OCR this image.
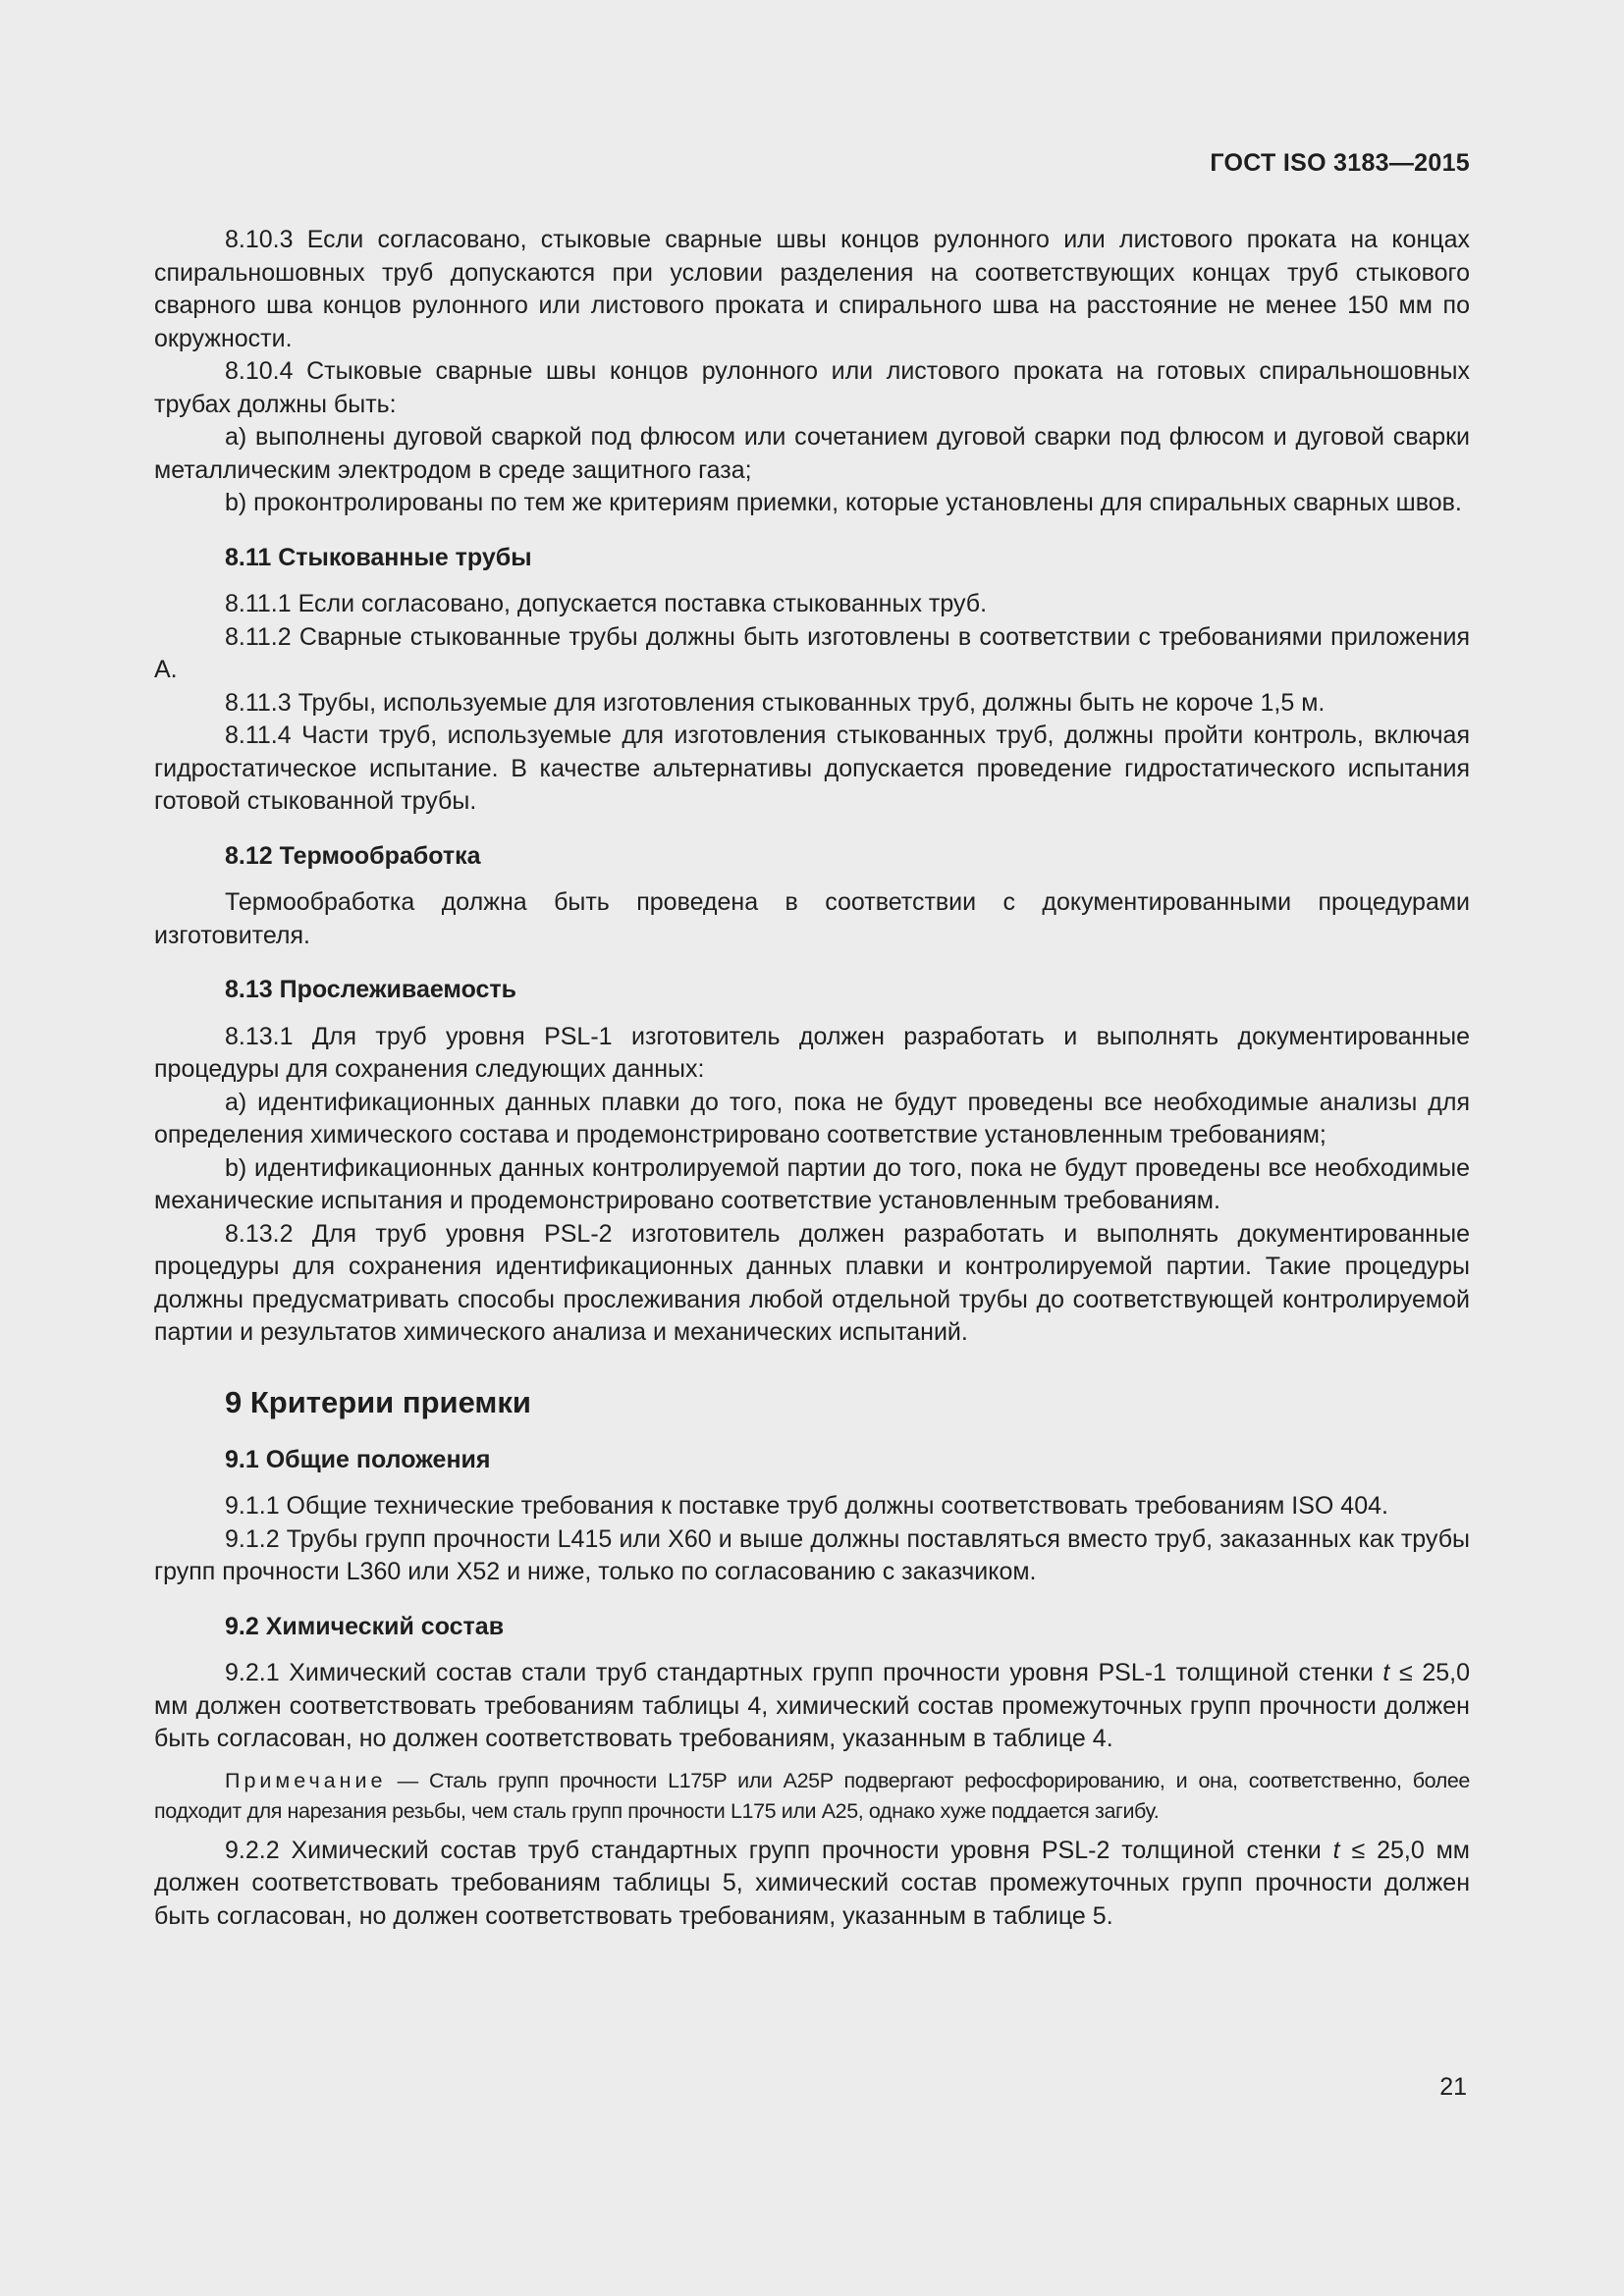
ГОСТ ISO 3183—2015

8.10.3 Если согласовано, стыковые сварные швы концов рулонного или листового проката на концах спиральношовных труб допускаются при условии разделения на соответствующих концах труб стыкового сварного шва концов рулонного или листового проката и спирального шва на расстояние не менее 150 мм по окружности.

8.10.4 Стыковые сварные швы концов рулонного или листового проката на готовых спиральношовных трубах должны быть:

a) выполнены дуговой сваркой под флюсом или сочетанием дуговой сварки под флюсом и дуговой сварки металлическим электродом в среде защитного газа;

b) проконтролированы по тем же критериям приемки, которые установлены для спиральных сварных швов.

8.11 Стыкованные трубы

8.11.1 Если согласовано, допускается поставка стыкованных труб.

8.11.2 Сварные стыкованные трубы должны быть изготовлены в соответствии с требованиями приложения А.

8.11.3 Трубы, используемые для изготовления стыкованных труб, должны быть не короче 1,5 м.

8.11.4 Части труб, используемые для изготовления стыкованных труб, должны пройти контроль, включая гидростатическое испытание. В качестве альтернативы допускается проведение гидростатического испытания готовой стыкованной трубы.

8.12 Термообработка

Термообработка должна быть проведена в соответствии с документированными процедурами изготовителя.

8.13 Прослеживаемость

8.13.1 Для труб уровня PSL-1 изготовитель должен разработать и выполнять документированные процедуры для сохранения следующих данных:

a) идентификационных данных плавки до того, пока не будут проведены все необходимые анализы для определения химического состава и продемонстрировано соответствие установленным требованиям;

b) идентификационных данных контролируемой партии до того, пока не будут проведены все необходимые механические испытания и продемонстрировано соответствие установленным требованиям.

8.13.2 Для труб уровня PSL-2 изготовитель должен разработать и выполнять документированные процедуры для сохранения идентификационных данных плавки и контролируемой партии. Такие процедуры должны предусматривать способы прослеживания любой отдельной трубы до соответствующей контролируемой партии и результатов химического анализа и механических испытаний.

9 Критерии приемки
9.1 Общие положения

9.1.1 Общие технические требования к поставке труб должны соответствовать требованиям ISO 404.

9.1.2 Трубы групп прочности L415 или X60 и выше должны поставляться вместо труб, заказанных как трубы групп прочности L360 или X52 и ниже, только по согласованию с заказчиком.

9.2 Химический состав

9.2.1 Химический состав стали труб стандартных групп прочности уровня PSL-1 толщиной стенки t ≤ 25,0 мм должен соответствовать требованиям таблицы 4, химический состав промежуточных групп прочности должен быть согласован, но должен соответствовать требованиям, указанным в таблице 4.

Примечание — Сталь групп прочности L175P или A25P подвергают рефосфорированию, и она, соответственно, более подходит для нарезания резьбы, чем сталь групп прочности L175 или A25, однако хуже поддается загибу.

9.2.2 Химический состав труб стандартных групп прочности уровня PSL-2 толщиной стенки t ≤ 25,0 мм должен соответствовать требованиям таблицы 5, химический состав промежуточных групп прочности должен быть согласован, но должен соответствовать требованиям, указанным в таблице 5.

21
